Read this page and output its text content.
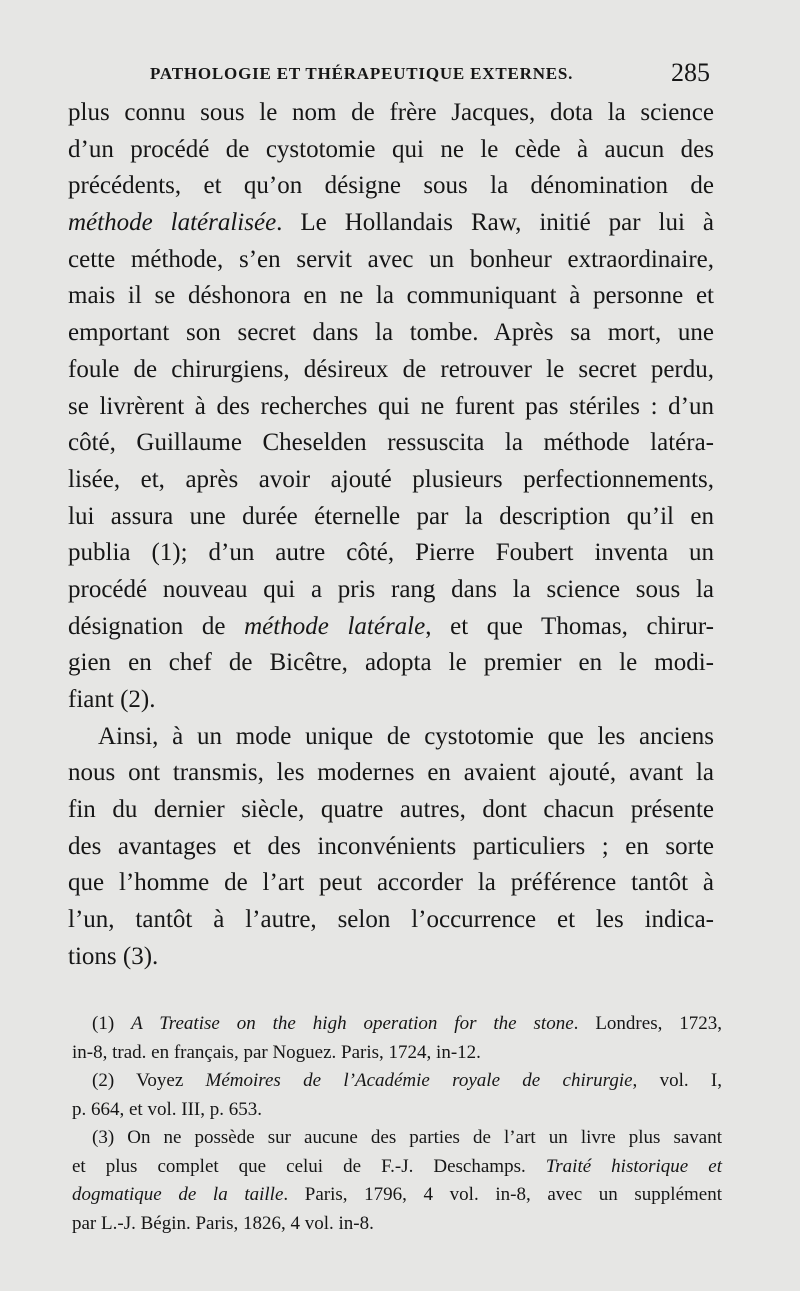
PATHOLOGIE ET THÉRAPEUTIQUE EXTERNES.	285
plus connu sous le nom de frère Jacques, dota la science
d’un procédé de cystotomie qui ne le cède à aucun des
précédents, et qu’on désigne sous la dénomination de
méthode latéralisée. Le Hollandais Raw, initié par lui à
cette méthode, s’en servit avec un bonheur extraordinaire,
mais il se déshonora en ne la communiquant à personne et
emportant son secret dans la tombe. Après sa mort, une
foule de chirurgiens, désireux de retrouver le secret perdu,
se livrèrent à des recherches qui ne furent pas stériles : d’un
côté, Guillaume Cheselden ressuscita la méthode latéra-
lisée, et, après avoir ajouté plusieurs perfectionnements,
lui assura une durée éternelle par la description qu’il en
publia (1); d’un autre côté, Pierre Foubert inventa un
procédé nouveau qui a pris rang dans la science sous la
désignation de méthode latérale, et que Thomas, chirur-
gien en chef de Bicêtre, adopta le premier en le modi-
fiant (2).
Ainsi, à un mode unique de cystotomie que les anciens
nous ont transmis, les modernes en avaient ajouté, avant la
fin du dernier siècle, quatre autres, dont chacun présente
des avantages et des inconvénients particuliers ; en sorte
que l’homme de l’art peut accorder la préférence tantôt à
l’un, tantôt à l’autre, selon l’occurrence et les indica-
tions (3).
(1) A Treatise on the high operation for the stone. Londres, 1723,
in-8, trad. en français, par Noguez. Paris, 1724, in-12.
(2) Voyez Mémoires de l’Académie royale de chirurgie, vol. I,
p. 664, et vol. III, p. 653.
(3) On ne possède sur aucune des parties de l’art un livre plus savant
et plus complet que celui de F.-J. Deschamps. Traité historique et
dogmatique de la taille. Paris, 1796, 4 vol. in-8, avec un supplément
par L.-J. Bégin. Paris, 1826, 4 vol. in-8.
